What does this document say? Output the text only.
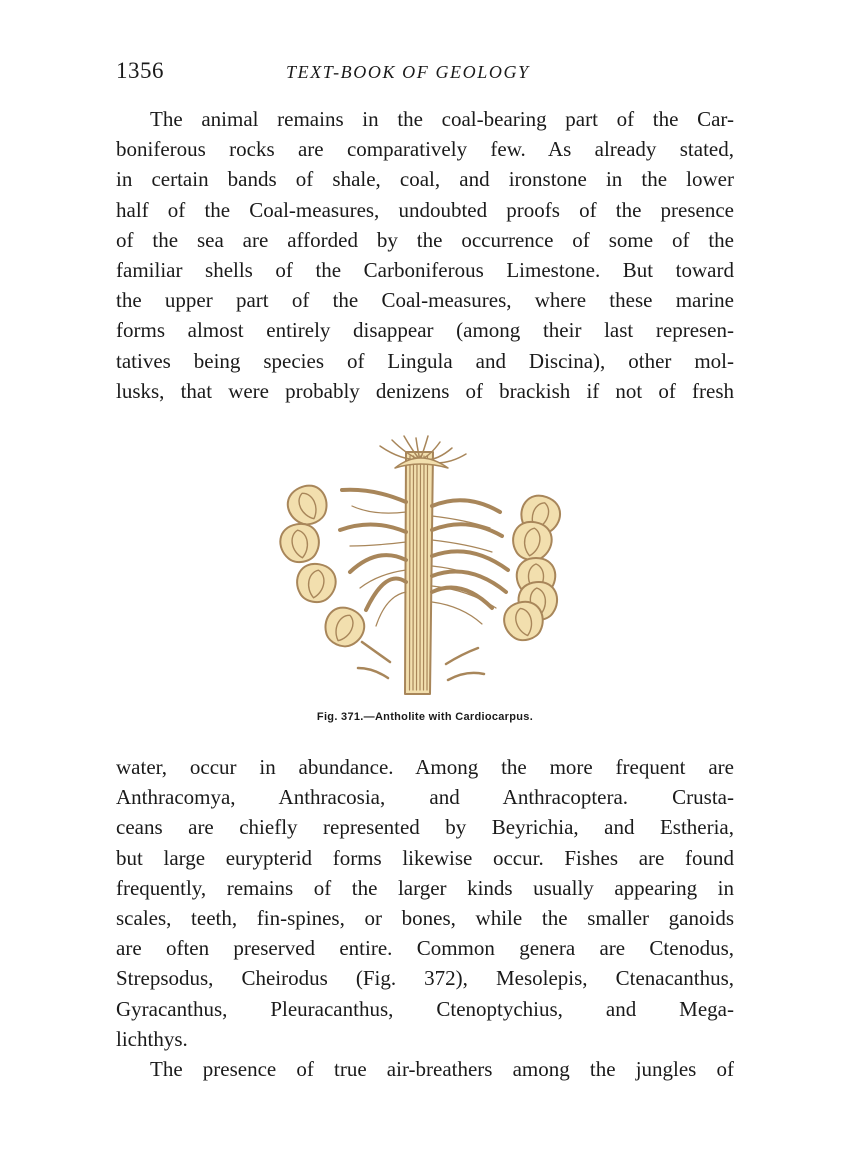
1356	TEXT-BOOK OF GEOLOGY
The animal remains in the coal-bearing part of the Car-
boniferous rocks are comparatively few. As already stated,
in certain bands of shale, coal, and ironstone in the lower
half of the Coal-measures, undoubted proofs of the presence
of the sea are afforded by the occurrence of some of the
familiar shells of the Carboniferous Limestone. But toward
the upper part of the Coal-measures, where these marine
forms almost entirely disappear (among their last represen-
tatives being species of Lingula and Discina), other mol-
lusks, that were probably denizens of brackish if not of fresh
Fig. 371.—Antholite with Cardiocarpus.
water, occur in abundance. Among the more frequent are
Anthracomya, Anthracosia, and Anthracoptera. Crusta-
ceans are chiefly represented by Beyrichia, and Estheria,
but large eurypterid forms likewise occur. Fishes are found
frequently, remains of the larger kinds usually appearing in
scales, teeth, fin-spines, or bones, while the smaller ganoids
are often preserved entire. Common genera are Ctenodus,
Strepsodus, Cheirodus (Fig. 372), Mesolepis, Ctenacanthus,
Gyracanthus, Pleuracanthus, Ctenoptychius, and Mega-
lichthys.
The presence of true air-breathers among the jungles of
